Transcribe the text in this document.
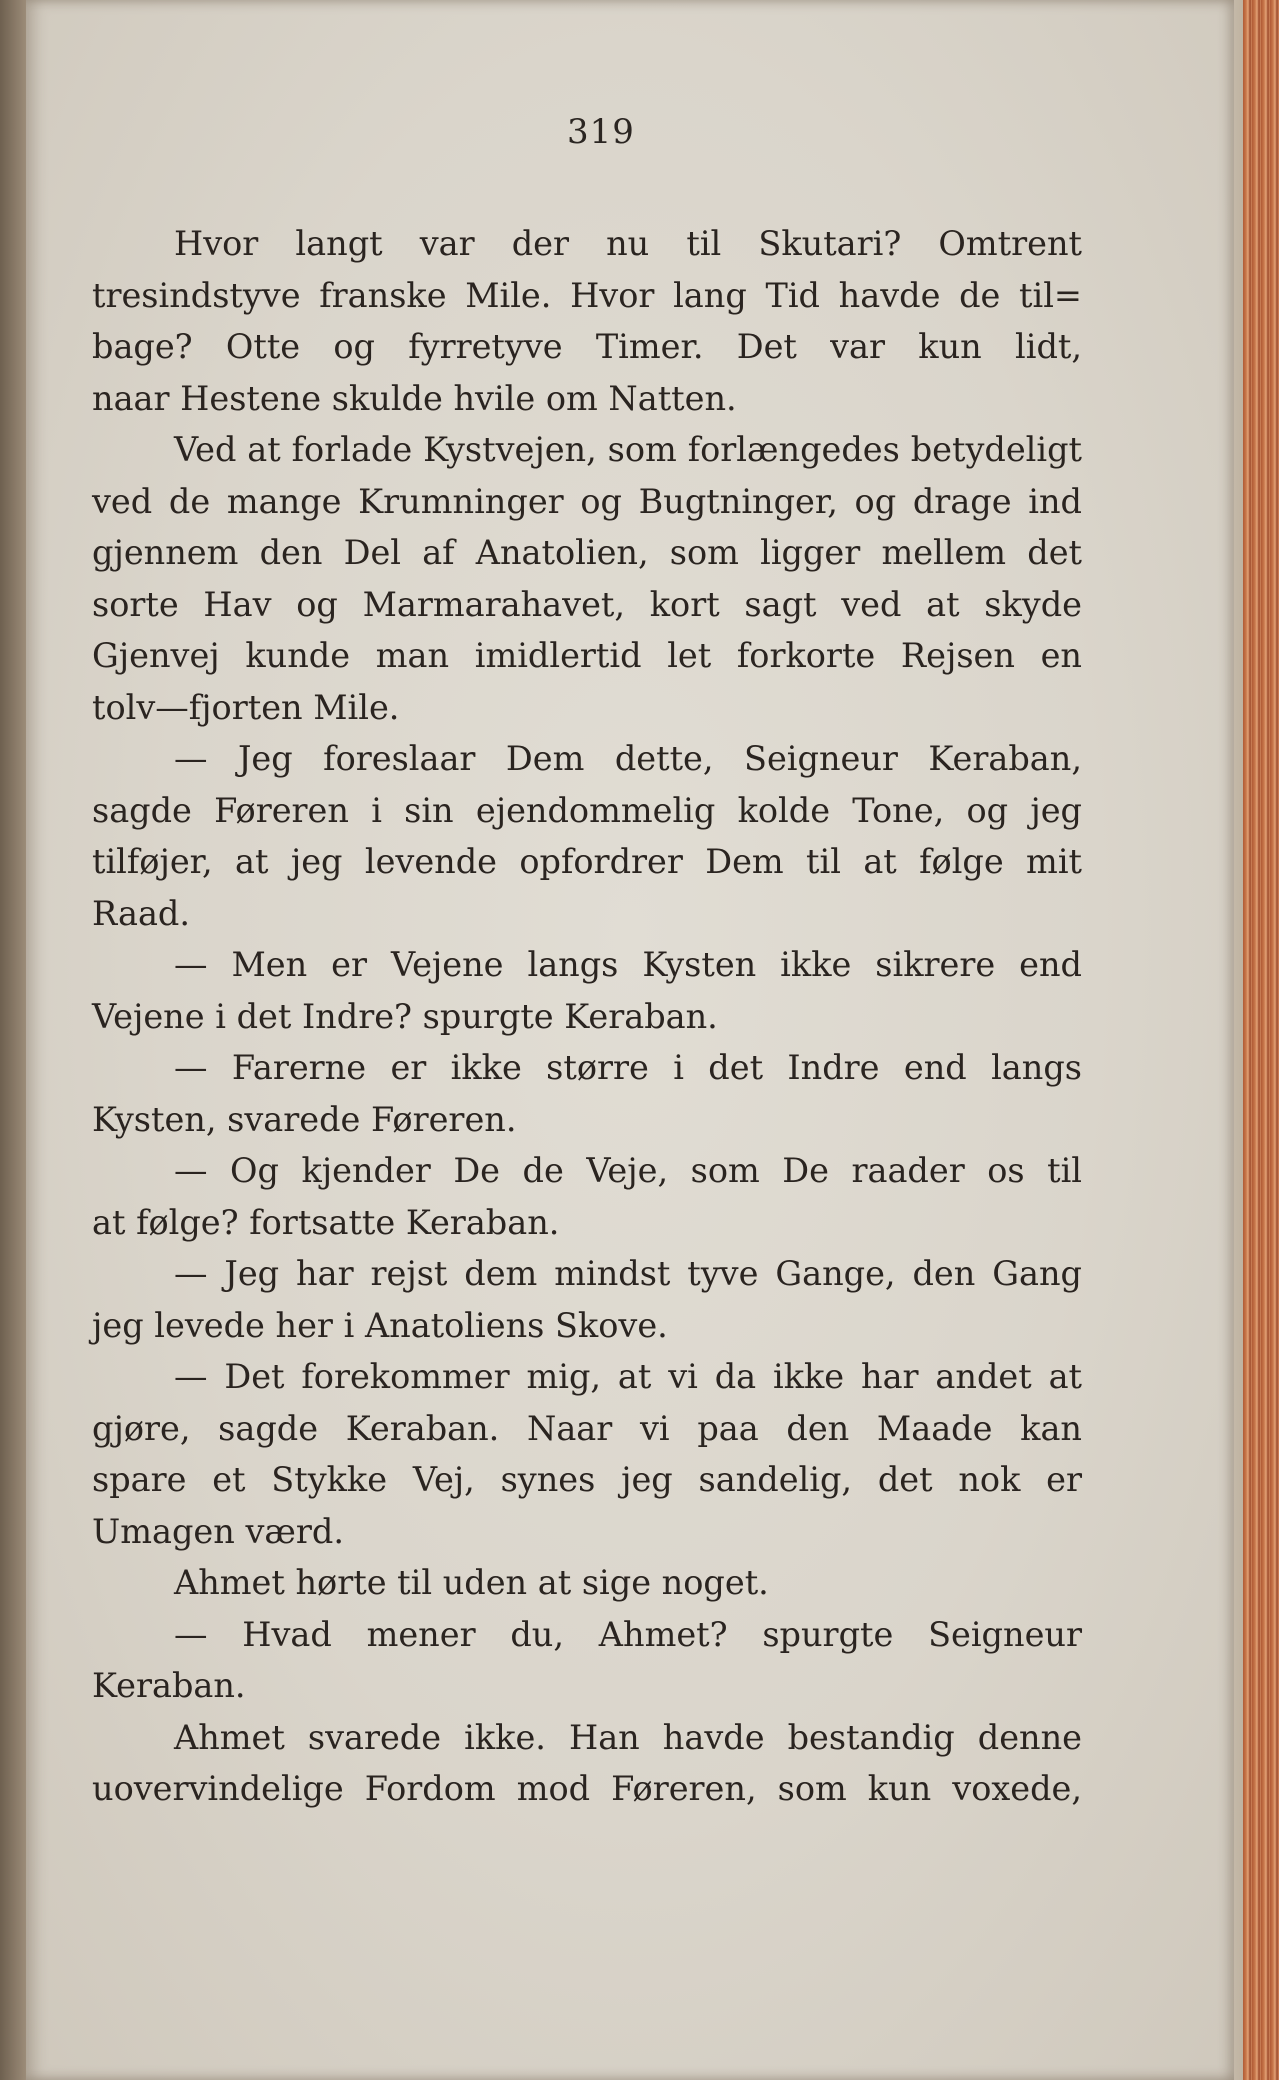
319
Hvor langt var der nu til Skutari? Omtrent
tresindstyve franske Mile. Hvor lang Tid havde de til=
bage? Otte og fyrretyve Timer. Det var kun lidt,
naar Hestene skulde hvile om Natten.
Ved at forlade Kystvejen, som forlængedes betydeligt
ved de mange Krumninger og Bugtninger, og drage ind
gjennem den Del af Anatolien, som ligger mellem det
sorte Hav og Marmarahavet, kort sagt ved at skyde
Gjenvej kunde man imidlertid let forkorte Rejsen en
tolv—fjorten Mile.
— Jeg foreslaar Dem dette, Seigneur Keraban,
sagde Føreren i sin ejendommelig kolde Tone, og jeg
tilføjer, at jeg levende opfordrer Dem til at følge mit
Raad.
— Men er Vejene langs Kysten ikke sikrere end
Vejene i det Indre? spurgte Keraban.
— Farerne er ikke større i det Indre end langs
Kysten, svarede Føreren.
— Og kjender De de Veje, som De raader os til
at følge? fortsatte Keraban.
— Jeg har rejst dem mindst tyve Gange, den Gang
jeg levede her i Anatoliens Skove.
— Det forekommer mig, at vi da ikke har andet at
gjøre, sagde Keraban. Naar vi paa den Maade kan
spare et Stykke Vej, synes jeg sandelig, det nok er
Umagen værd.
Ahmet hørte til uden at sige noget.
— Hvad mener du, Ahmet? spurgte Seigneur
Keraban.
Ahmet svarede ikke. Han havde bestandig denne
uovervindelige Fordom mod Føreren, som kun voxede,
